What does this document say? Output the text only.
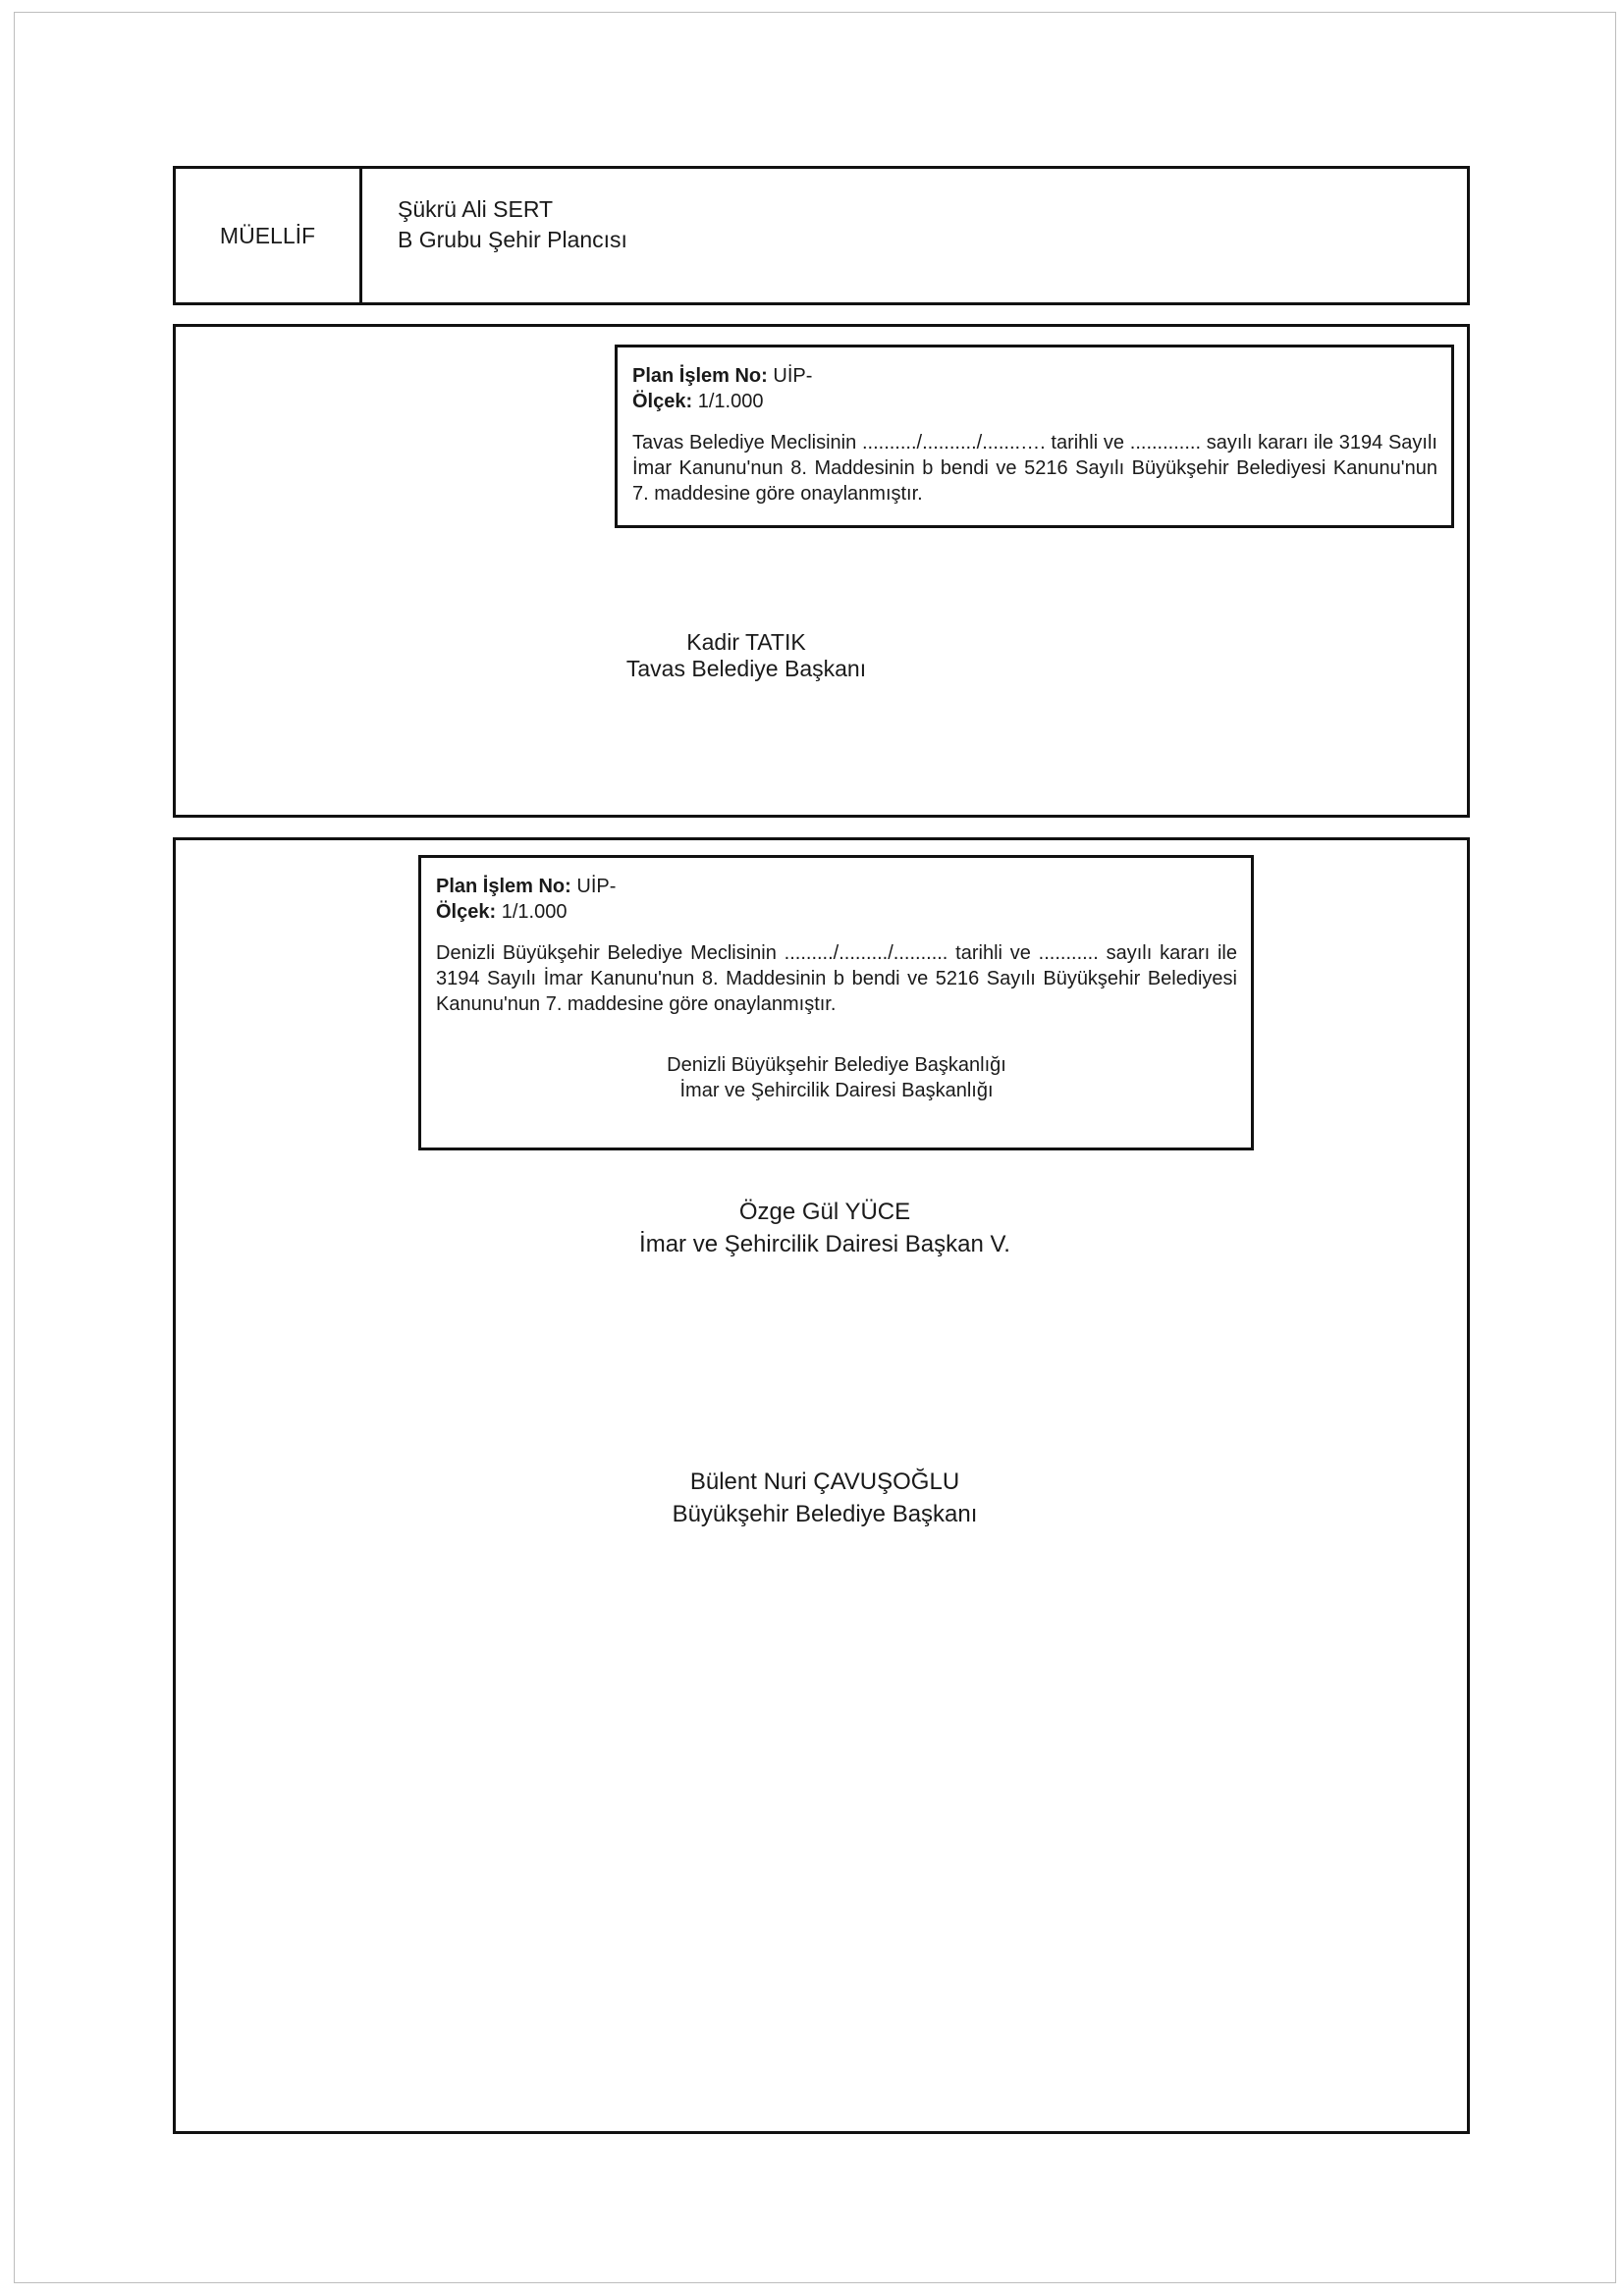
MÜELLİF
Şükrü Ali SERT
B Grubu Şehir Plancısı
Plan İşlem No: UİP-
Ölçek: 1/1.000
Tavas Belediye Meclisinin ........../........../.......…. tarihli ve ............. sayılı kararı ile 3194 Sayılı İmar Kanunu'nun 8. Maddesinin b bendi ve 5216 Sayılı Büyükşehir Belediyesi Kanunu'nun 7. maddesine göre onaylanmıştır.
Kadir TATIK
Tavas Belediye Başkanı
Plan İşlem No: UİP-
Ölçek: 1/1.000
Denizli Büyükşehir Belediye Meclisinin ........./........./.......... tarihli ve ........... sayılı kararı ile 3194 Sayılı İmar Kanunu'nun 8. Maddesinin b bendi ve 5216 Sayılı Büyükşehir Belediyesi Kanunu'nun 7. maddesine göre onaylanmıştır.
Denizli Büyükşehir Belediye Başkanlığı
İmar ve Şehircilik Dairesi Başkanlığı
Özge Gül YÜCE
İmar ve Şehircilik Dairesi Başkan V.
Bülent Nuri ÇAVUŞOĞLU
Büyükşehir Belediye Başkanı
